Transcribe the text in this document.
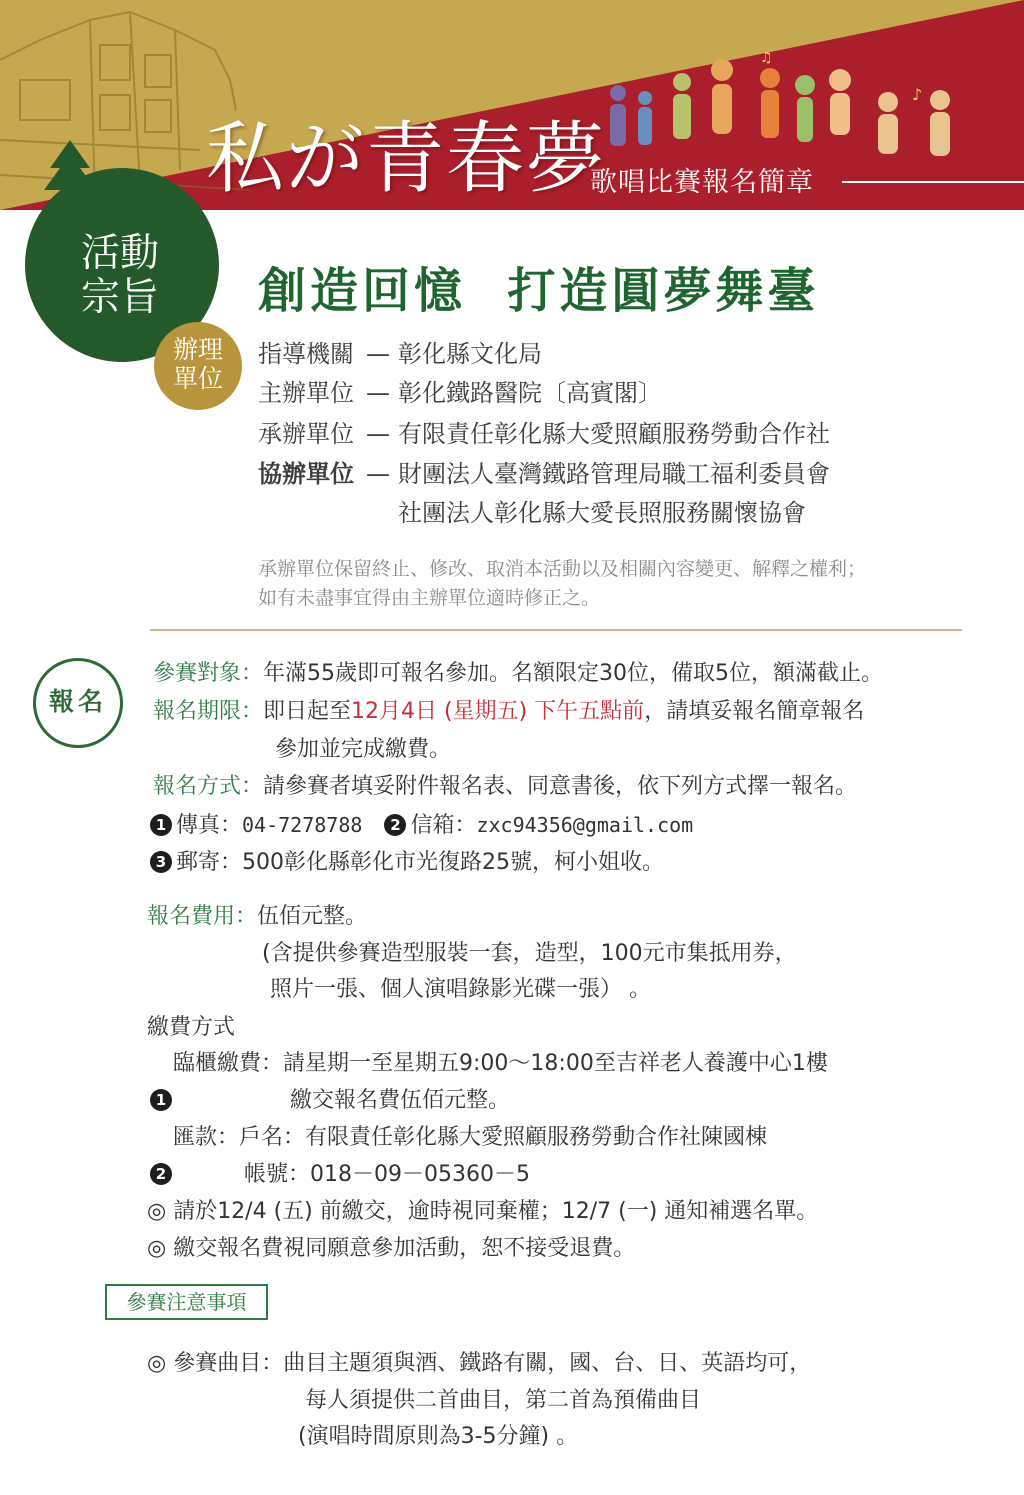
♪
♫
私が青春夢
歌唱比賽報名簡章
活動
宗旨
辦理
單位
創造回憶  打造圓夢舞臺
指導機關 — 彰化縣文化局
主辦單位 — 彰化鐵路醫院〔高賓閣〕
承辦單位 — 有限責任彰化縣大愛照顧服務勞動合作社
協辦單位 — 財團法人臺灣鐵路管理局職工福利委員會
社團法人彰化縣大愛長照服務關懷協會
承辦單位保留終止、修改、取消本活動以及相關內容變更、解釋之權利；
如有未盡事宜得由主辦單位適時修正之。
報名
參賽對象：年滿55歲即可報名參加。名額限定30位，備取5位，額滿截止。
報名期限：即日起至12月4日 (星期五) 下午五點前，請填妥報名簡章報名
參加並完成繳費。
報名方式：請參賽者填妥附件報名表、同意書後，依下列方式擇一報名。
1 傳真：04-7278788 2 信箱：zxc94356@gmail.com
3 郵寄：500彰化縣彰化市光復路25號，柯小姐收。
報名費用：伍佰元整。
(含提供參賽造型服裝一套，造型，100元市集抵用券，
照片一張、個人演唱錄影光碟一張） 。
繳費方式
臨櫃繳費：請星期一至星期五9:00～18:00至吉祥老人養護中心1樓
1	繳交報名費伍佰元整。
匯款：戶名：有限責任彰化縣大愛照顧服務勞動合作社陳國棟
2	帳號：018－09－05360－5
◎ 請於12/4 (五) 前繳交，逾時視同棄權；12/7 (一) 通知補選名單。
◎ 繳交報名費視同願意參加活動，恕不接受退費。
參賽注意事項
◎ 參賽曲目：曲目主題須與酒、鐵路有關，國、台、日、英語均可，
每人須提供二首曲目，第二首為預備曲目
(演唱時間原則為3-5分鐘) 。
